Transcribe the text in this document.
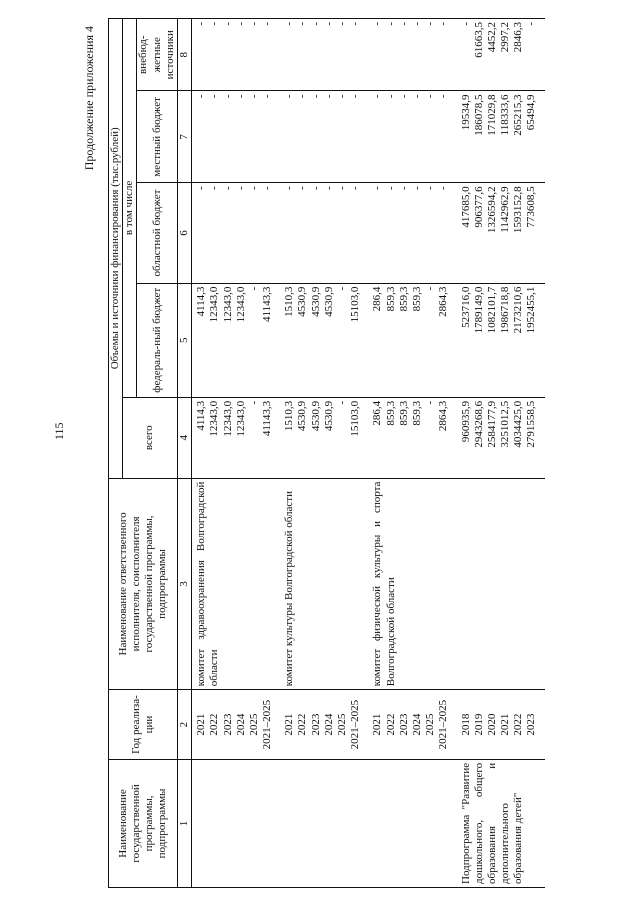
115
Продолжение приложения 4
Наименование государственной программы, подпрограммы	Год реализа-ции	Наименование ответственного исполнителя, соисполнителя государственной программы, подпрограммы	Объемы и источники финансирования (тыс.рублей)				
			всего	в том числе			
				федераль-ный бюджет	областной бюджет	местный бюджет	внебюд-жетные источники
1	2	3	4	5	6	7	8
	2021	комитет здравоохранения Волгоградской области	4114,3	4114,3	-	-	-
	2022		12343,0	12343,0	-	-	-
	2023		12343,0	12343,0	-	-	-
	2024		12343,0	12343,0	-	-	-
	2025		-	-	-	-	-
	2021–2025		41143,3	41143,3	-	-	-
	2021	комитет культуры Волгоградской области	1510,3	1510,3	-	-	-
	2022		4530,9	4530,9	-	-	-
	2023		4530,9	4530,9	-	-	-
	2024		4530,9	4530,9	-	-	-
	2025		-	-	-	-	-
	2021–2025		15103,0	15103,0	-	-	-
	2021	комитет физической культуры и спорта Волгоградской области	286,4	286,4	-	-	-
	2022		859,3	859,3	-	-	-
	2023		859,3	859,3	-	-	-
	2024		859,3	859,3	-	-	-
	2025		-	-	-	-	-
	2021–2025		2864,3	2864,3	-	-	-
Подпрограмма "Развитие дошкольного, общего образования и дополнительного образования детей"	2018		960935,9	523716,0	417685,0	19534,9	-
	2019		2943268,6	1789149,0	906377,6	186078,5	61663,5
	2020		2584177,9	1082101,7	1326594,2	171029,8	4452,2
	2021		3251012,5	1986718,8	1142962,9	118333,6	2997,2
	2022		4034425,0	2173210,6	1593152,8	265215,3	2846,3
	2023		2791558,5	1952455,1	773608,5	65494,9	-
